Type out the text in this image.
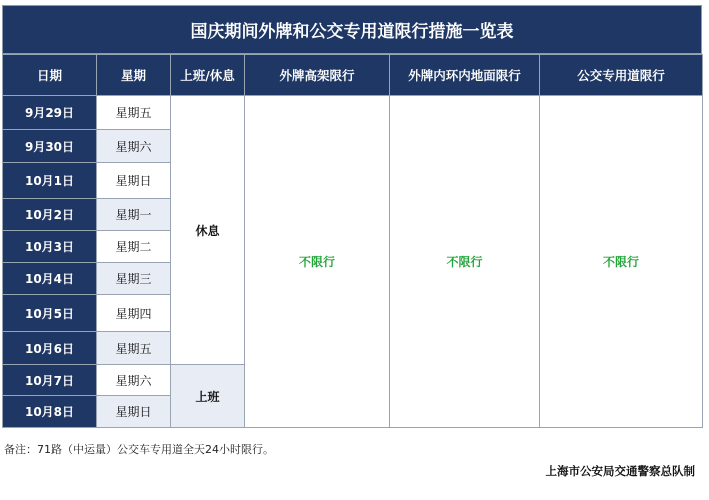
国庆期间外牌和公交专用道限行措施一览表
日期	星期	上班/休息	外牌高架限行	外牌内环内地面限行	公交专用道限行
9月29日	星期五	休息	不限行	不限行	不限行
9月30日	星期六				
10月1日	星期日				
10月2日	星期一				
10月3日	星期二				
10月4日	星期三				
10月5日	星期四				
10月6日	星期五				
10月7日	星期六	上班			
10月8日	星期日				
备注：71路（中运量）公交车专用道全天24小时限行。
上海市公安局交通警察总队制
